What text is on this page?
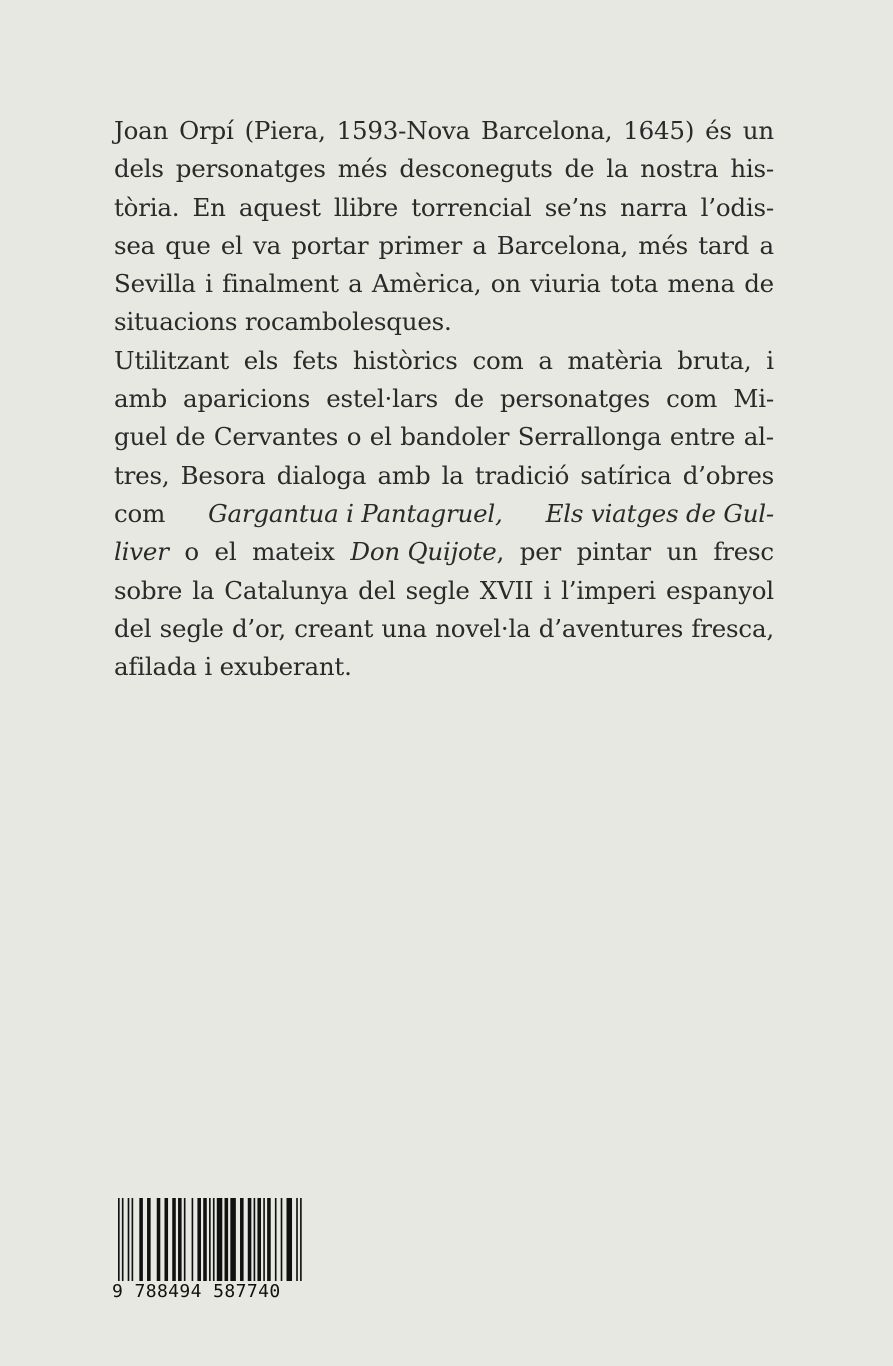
Joan Orpí (Piera, 1593-Nova Barcelona, 1645) és un
dels personatges més desconeguts de la nostra his-
tòria. En aquest llibre torrencial se’ns narra l’odis-
sea que el va portar primer a Barcelona, més tard a
Sevilla i finalment a Amèrica, on viuria tota mena de
situacions rocambolesques.
Utilitzant els fets històrics com a matèria bruta, i
amb aparicions estel·lars de personatges com Mi-
guel de Cervantes o el bandoler Serrallonga entre al-
tres, Besora dialoga amb la tradició satírica d’obres
com Gargantua i Pantagruel, Els viatges de Gul-
liver o el mateix Don Quijote, per pintar un fresc
sobre la Catalunya del segle XVII i l’imperi espanyol
del segle d’or, creant una novel·la d’aventures fresca,
afilada i exuberant.
9 788494 587740
